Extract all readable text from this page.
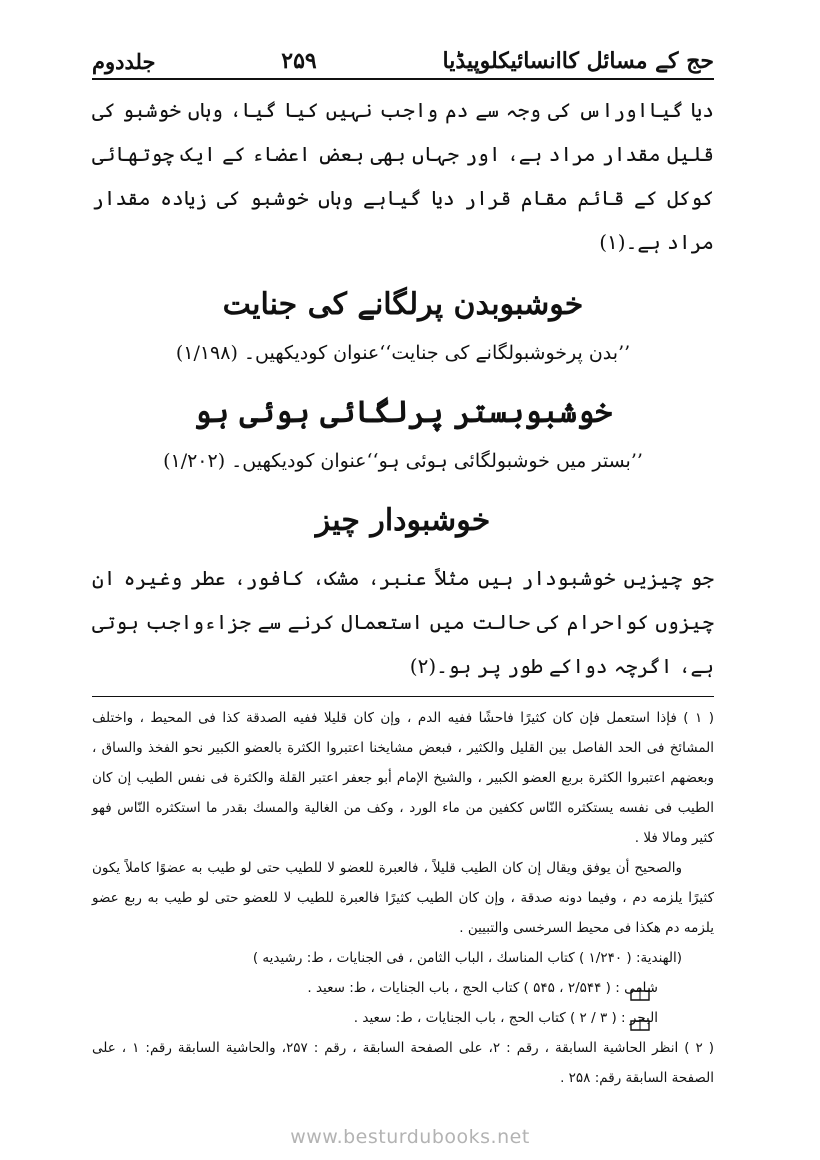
حج کے مسائل کاانسائیکلوپیڈیا
۲۵۹
جلددوم

دیا گیااوراس کی وجہ سے دم واجب نہیں کیا گیا، وہاں خوشبو کی قلیل مقدار مراد ہے، اور جہاں بھی بعض اعضاء کے ایک چوتھائی کوکل کے قائم مقام قرار دیا گیاہے وہاں خوشبو کی زیادہ مقدار مراد ہے۔(۱)

خوشبوبدن پرلگانے کی جنایت

’’بدن پرخوشبولگانے کی جنایت‘‘عنوان کودیکھیں۔ (۱/۱۹۸)

خوشبوبستر پرلگائی ہوئی ہو

’’بستر میں خوشبولگائی ہوئی ہو‘‘عنوان کودیکھیں۔ (۱/۲۰۲)

خوشبودار چیز

جو چیزیں خوشبودار ہیں مثلاً عنبر، مشک، کافور، عطر وغیرہ ان چیزوں کواحرام کی حالت میں استعمال کرنے سے جزاءواجب ہوتی ہے، اگرچہ دواکے طور پر ہو۔(۲)

( ۱ ) فإذا استعمل فإن كان كثيرًا فاحشًا ففيه الدم ، وإن كان قليلا ففيه الصدقة كذا فى المحيط ، واختلف المشائخ فى الحد الفاصل بين القليل والكثير ، فبعض مشايخنا اعتبروا الكثرة بالعضو الكبير نحو الفخذ والساق ، وبعضهم اعتبروا الكثرة بربع العضو الكبير ، والشيخ الإمام أبو جعفر اعتبر القلة والكثرة فى نفس الطيب إن كان الطيب فى نفسه يستكثره النّاس ككفين من ماء الورد ، وكف من الغالية والمسك بقدر ما استكثره النّاس فهو كثير ومالا فلا .

والصحيح أن يوفق ويقال إن كان الطيب قليلاً ، فالعبرة للعضو لا للطيب حتى لو طيب به عضوًا كاملاً يكون كثيرًا يلزمه دم ، وفيما دونه صدقة ، وإن كان الطيب كثيرًا فالعبرة للطيب لا للعضو حتى لو طيب به ربع عضو يلزمه دم هكذا فى محيط السرخسى والتبيين .

(الهندية: ( ۱/۲۴۰ ) كتاب المناسك ، الباب الثامن ، فى الجنايات ، ط: رشيديه )

شامى : ( ۲/۵۴۴ ، ۵۴۵ ) كتاب الحج ، باب الجنايات ، ط: سعيد .

البحر : ( ۳ / ۲ ) كتاب الحج ، باب الجنايات ، ط: سعيد .

( ۲ ) انظر الحاشية السابقة ، رقم : ۲، على الصفحة السابقة ، رقم : ۲۵۷، والحاشية السابقة رقم: ۱ ، على الصفحة السابقة رقم: ۲۵۸ .

www.besturdubooks.net
